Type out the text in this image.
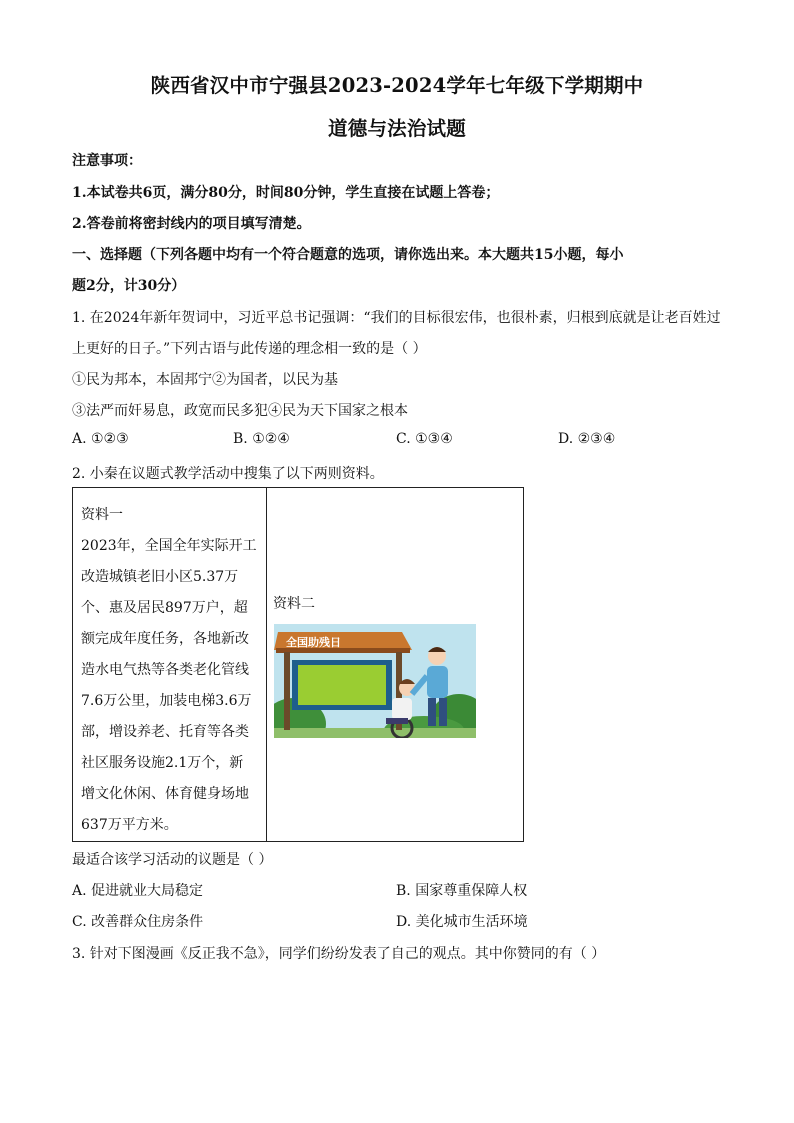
陕西省汉中市宁强县2023-2024学年七年级下学期期中
道德与法治试题
注意事项：
1.本试卷共6页，满分80分，时间80分钟，学生直接在试题上答卷；
2.答卷前将密封线内的项目填写清楚。
一、选择题（下列各题中均有一个符合题意的选项，请你选出来。本大题共15小题，每小
题2分，计30分）
1. 在2024年新年贺词中，习近平总书记强调：“我们的目标很宏伟，也很朴素，归根到底就是让老百姓过
上更好的日子。”下列古语与此传递的理念相一致的是（ ）
①民为邦本，本固邦宁②为国者，以民为基
③法严而奸易息，政宽而民多犯④民为天下国家之根本
A. ①②③	B. ①②④	C. ①③④	D. ②③④
2. 小秦在议题式教学活动中搜集了以下两则资料。
资料一
2023年，全国全年实际开工
改造城镇老旧小区5.37万
个、惠及居民897万户，超
额完成年度任务，各地新改
造水电气热等各类老化管线
7.6万公里，加装电梯3.6万
部，增设养老、托育等各类
社区服务设施2.1万个，新
增文化休闲、体育健身场地
637万平方米。

资料二
全国助残日
最适合该学习活动的议题是（ ）
A. 促进就业大局稳定	B. 国家尊重保障人权
C. 改善群众住房条件	D. 美化城市生活环境
3. 针对下图漫画《反正我不急》，同学们纷纷发表了自己的观点。其中你赞同的有（ ）
